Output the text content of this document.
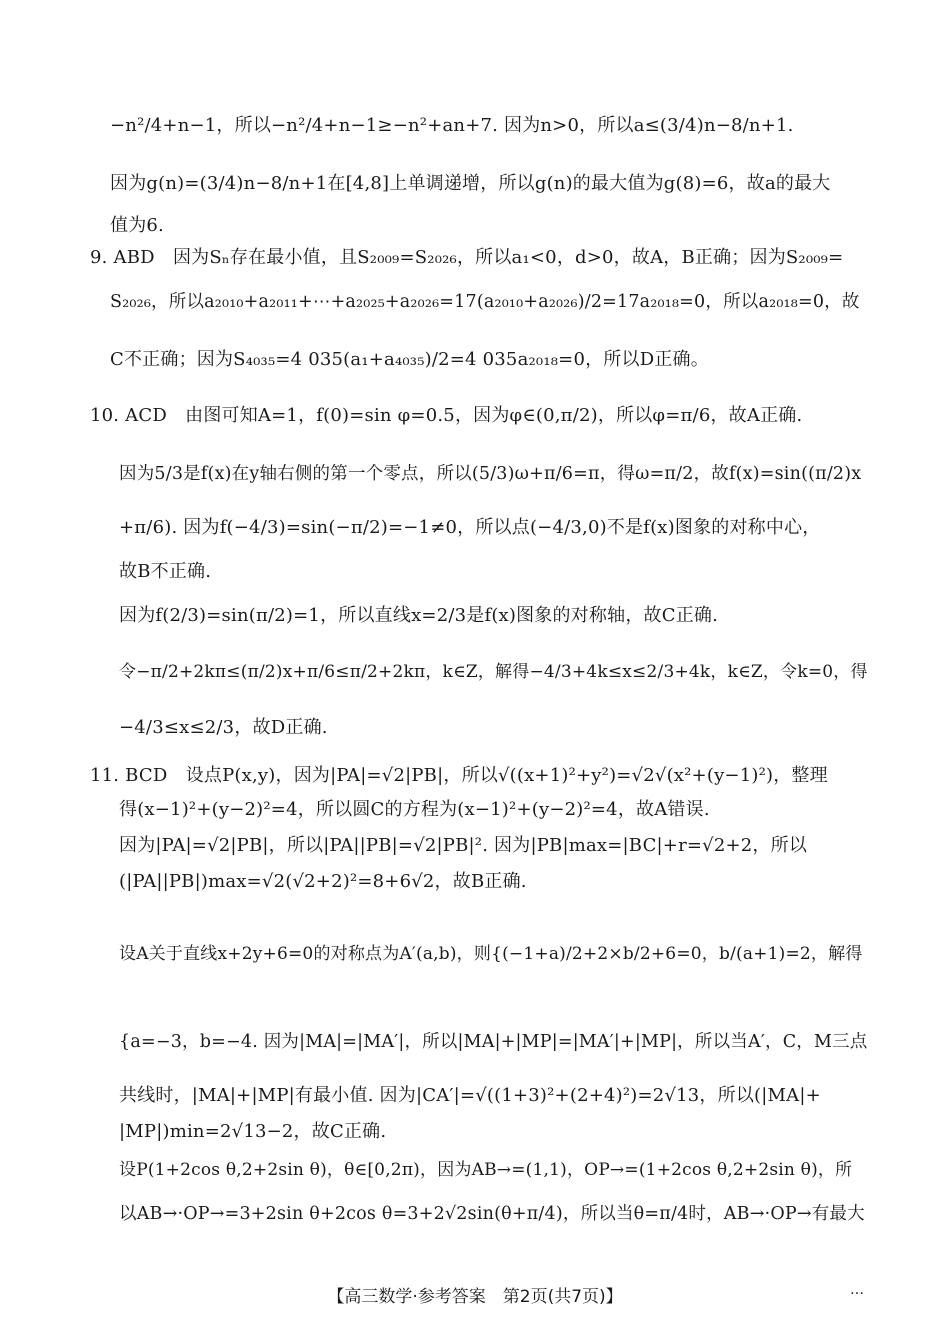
−n²/4+n−1，所以−n²/4+n−1≥−n²+an+7. 因为n>0，所以a≤(3/4)n−8/n+1.
因为g(n)=(3/4)n−8/n+1在[4,8]上单调递增，所以g(n)的最大值为g(8)=6，故a的最大
值为6.
9. ABD　因为Sₙ存在最小值，且S₂₀₀₉=S₂₀₂₆，所以a₁<0，d>0，故A，B正确；因为S₂₀₀₉=
S₂₀₂₆，所以a₂₀₁₀+a₂₀₁₁+⋯+a₂₀₂₅+a₂₀₂₆=17(a₂₀₁₀+a₂₀₂₆)/2=17a₂₀₁₈=0，所以a₂₀₁₈=0，故
C不正确；因为S₄₀₃₅=4 035(a₁+a₄₀₃₅)/2=4 035a₂₀₁₈=0，所以D正确。
10. ACD　由图可知A=1，f(0)=sin φ=0.5，因为φ∈(0,π/2)，所以φ=π/6，故A正确.
因为5/3是f(x)在y轴右侧的第一个零点，所以(5/3)ω+π/6=π，得ω=π/2，故f(x)=sin((π/2)x
+π/6). 因为f(−4/3)=sin(−π/2)=−1≠0，所以点(−4/3,0)不是f(x)图象的对称中心，
故B不正确.
因为f(2/3)=sin(π/2)=1，所以直线x=2/3是f(x)图象的对称轴，故C正确.
令−π/2+2kπ≤(π/2)x+π/6≤π/2+2kπ，k∈Z，解得−4/3+4k≤x≤2/3+4k，k∈Z，令k=0，得
−4/3≤x≤2/3，故D正确.
11. BCD　设点P(x,y)，因为|PA|=√2|PB|，所以√((x+1)²+y²)=√2√(x²+(y−1)²)，整理
得(x−1)²+(y−2)²=4，所以圆C的方程为(x−1)²+(y−2)²=4，故A错误.
因为|PA|=√2|PB|，所以|PA||PB|=√2|PB|². 因为|PB|max=|BC|+r=√2+2，所以
(|PA||PB|)max=√2(√2+2)²=8+6√2，故B正确.
设A关于直线x+2y+6=0的对称点为A′(a,b)，则{(−1+a)/2+2×b/2+6=0，b/(a+1)=2，解得
{a=−3，b=−4. 因为|MA|=|MA′|，所以|MA|+|MP|=|MA′|+|MP|，所以当A′，C，M三点
共线时，|MA|+|MP|有最小值. 因为|CA′|=√((1+3)²+(2+4)²)=2√13，所以(|MA|+
|MP|)min=2√13−2，故C正确.
设P(1+2cos θ,2+2sin θ)，θ∈[0,2π)，因为AB→=(1,1)，OP→=(1+2cos θ,2+2sin θ)，所
以AB→·OP→=3+2sin θ+2cos θ=3+2√2sin(θ+π/4)，所以当θ=π/4时，AB→·OP→有最大
【高三数学·参考答案　第2页(共7页)】	…
